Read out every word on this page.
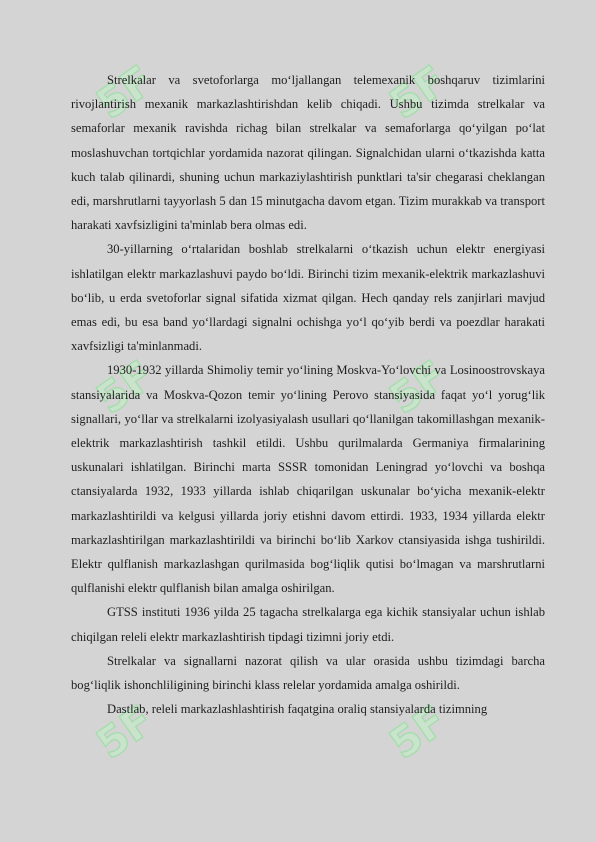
5F	5F
5F	5F
5F	5F

Strelkalar va svetoforlarga mo‘ljallangan telemexanik boshqaruv tizimlarini rivojlantirish mexanik markazlashtirishdan kelib chiqadi. Ushbu tizimda strelkalar va semaforlar mexanik ravishda richag bilan strelkalar va semaforlarga qo‘yilgan po‘lat moslashuvchan tortqichlar yordamida nazorat qilingan. Signalchidan ularni o‘tkazishda katta kuch talab qilinardi, shuning uchun markaziylashtirish punktlari ta'sir chegarasi cheklangan edi, marshrutlarni tayyorlash 5 dan 15 minutgacha davom etgan. Tizim murakkab va transport harakati xavfsizligini ta'minlab bera olmas edi.

30-yillarning o‘rtalaridan boshlab strelkalarni o‘tkazish uchun elektr energiyasi ishlatilgan elektr markazlashuvi paydo bo‘ldi. Birinchi tizim mexanik-elektrik markazlashuvi bo‘lib, u erda svetoforlar signal sifatida xizmat qilgan. Hech qanday rels zanjirlari mavjud emas edi, bu esa band yo‘llardagi signalni ochishga yo‘l qo‘yib berdi va poezdlar harakati xavfsizligi ta'minlanmadi.

1930-1932 yillarda Shimoliy temir yo‘lining Moskva-Yo‘lovchi va Losinoostrovskaya stansiyalarida va Moskva-Qozon temir yo‘lining Perovo stansiyasida faqat yo‘l yorug‘lik signallari, yo‘llar va strelkalarni izolyasiyalash usullari qo‘llanilgan takomillashgan mexanik-elektrik markazlashtirish tashkil etildi. Ushbu qurilmalarda Germaniya firmalarining uskunalari ishlatilgan. Birinchi marta SSSR tomonidan Leningrad yo‘lovchi va boshqa ctansiyalarda 1932, 1933 yillarda ishlab chiqarilgan uskunalar bo‘yicha mexanik-elektr markazlashtirildi va kelgusi yillarda joriy etishni davom ettirdi. 1933, 1934 yillarda elektr markazlashtirilgan markazlashtirildi va birinchi bo‘lib Xarkov ctansiyasida ishga tushirildi. Elektr qulflanish markazlashgan qurilmasida bog‘liqlik qutisi bo‘lmagan va marshrutlarni qulflanishi elektr qulflanish bilan amalga oshirilgan.

GTSS instituti 1936 yilda 25 tagacha strelkalarga ega kichik stansiyalar uchun ishlab chiqilgan releli elektr markazlashtirish tipdagi tizimni joriy etdi.

Strelkalar va signallarni nazorat qilish va ular orasida ushbu tizimdagi barcha bog‘liqlik ishonchliligining birinchi klass relelar yordamida amalga oshirildi.

Dastlab, releli markazlashlashtirish faqatgina oraliq stansiyalarda tizimning
